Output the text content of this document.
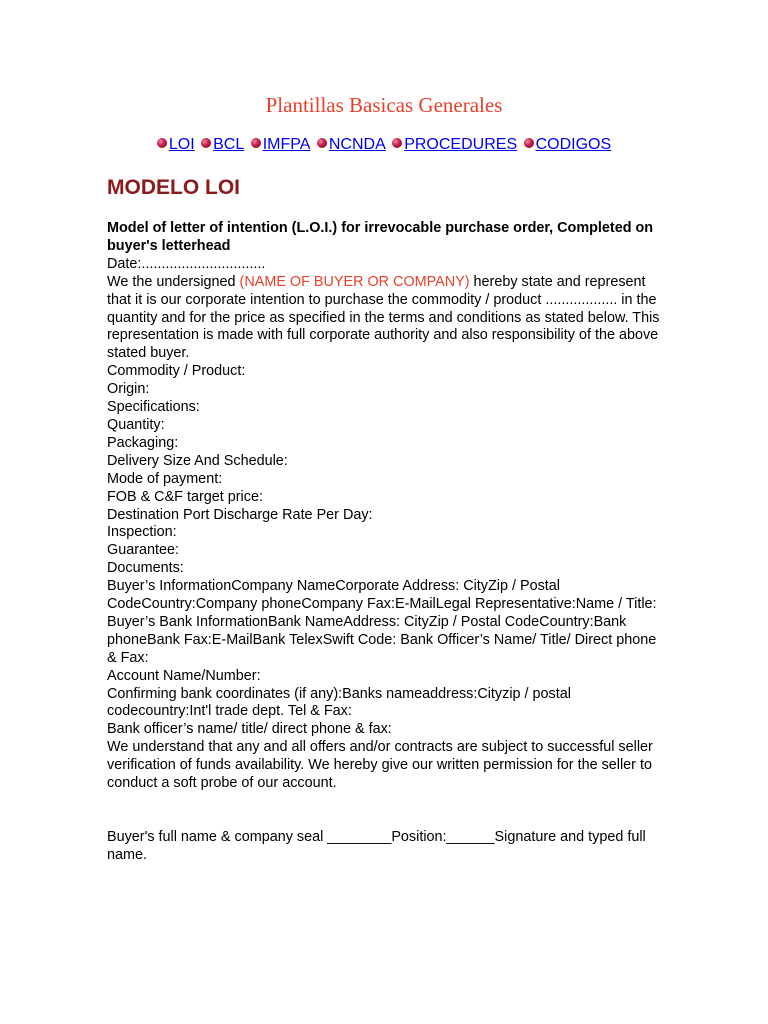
Plantillas Basicas Generales
LOI BCL IMFPA NCNDA PROCEDURES CODIGOS
MODELO LOI

Model of letter of intention (L.O.I.) for irrevocable purchase order, Completed on buyer's letterhead

Date:...............................

We the undersigned (NAME OF BUYER OR COMPANY) hereby state and represent that it is our corporate intention to purchase the commodity / product .................. in the quantity and for the price as specified in the terms and conditions as stated below. This representation is made with full corporate authority and also responsibility of the above stated buyer.

Commodity / Product:

Origin:

Specifications:

Quantity:

Packaging:

Delivery Size And Schedule:

Mode of payment:

FOB & C&F target price:

Destination Port Discharge Rate Per Day:

Inspection:

Guarantee:

Documents:

Buyer’s InformationCompany NameCorporate Address: CityZip / Postal CodeCountry:Company phoneCompany Fax:E-MailLegal Representative:Name / Title:

Buyer’s Bank InformationBank NameAddress: CityZip / Postal CodeCountry:Bank phoneBank Fax:E-MailBank TelexSwift Code: Bank Officer’s Name/ Title/ Direct phone & Fax:

Account Name/Number:

Confirming bank coordinates (if any):Banks nameaddress:Cityzip / postal codecountry:Int'l trade dept. Tel & Fax:

Bank officer’s name/ title/ direct phone & fax:

We understand that any and all offers and/or contracts are subject to successful seller verification of funds availability. We hereby give our written permission for the seller to conduct a soft probe of our account.

Buyer's full name & company seal ________Position:______Signature and typed full name.
